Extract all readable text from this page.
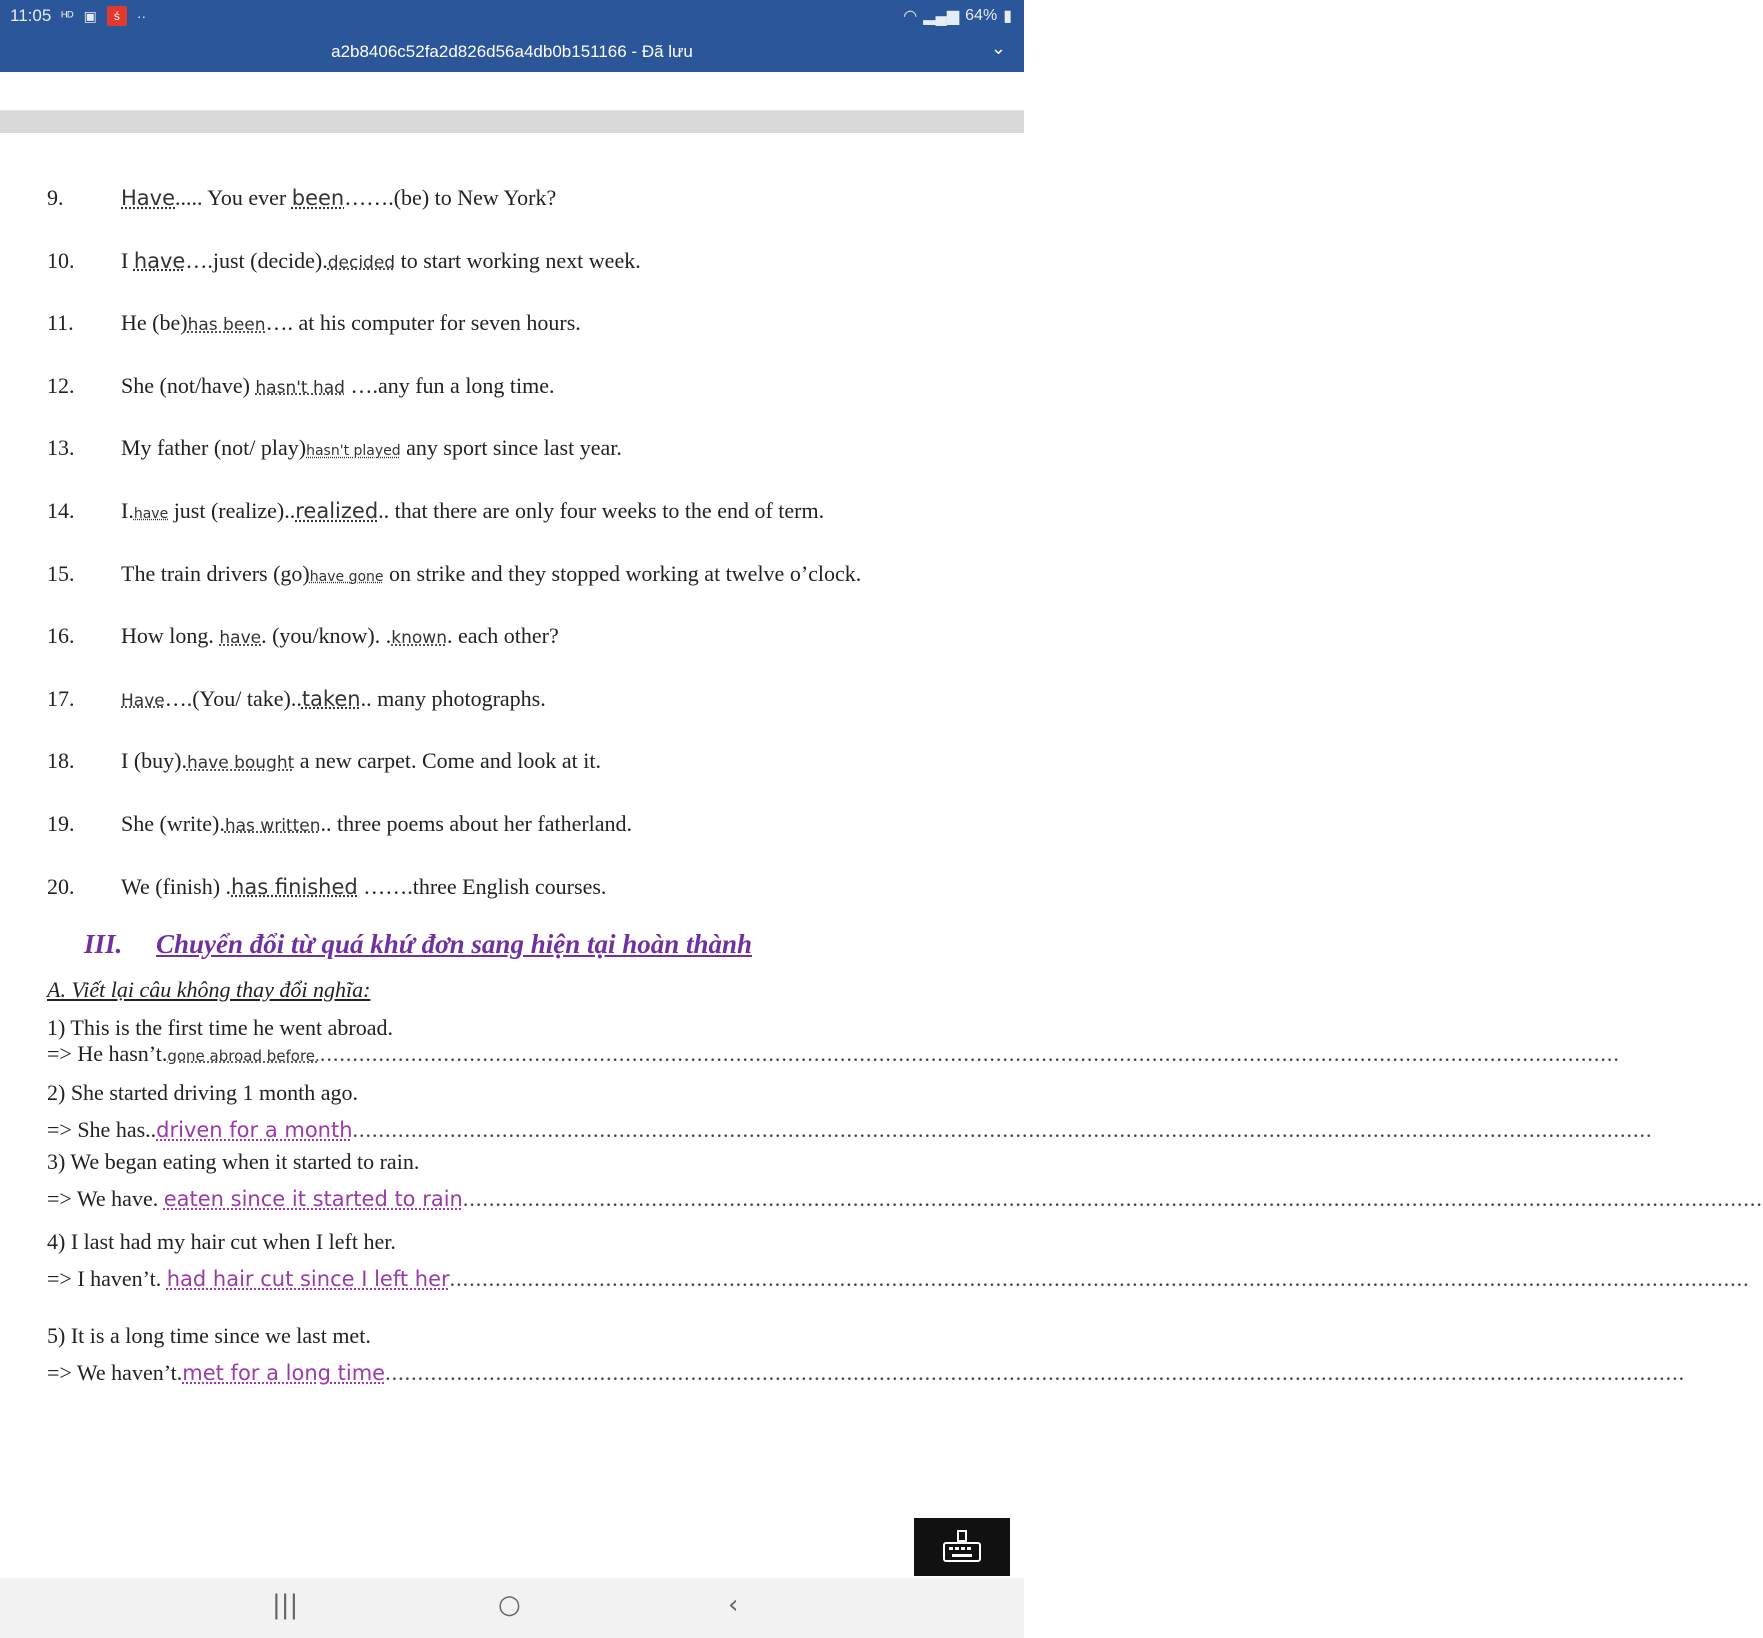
11:05 ᴴᴰ ▣	ś	··	◠ ▂▄▆ 64% ▮
a2b8406c52fa2d826d56a4db0b151166 - Đã lưu	⌄
9.	Have..... You ever been…….(be) to New York?
10. I have….just (decide).decided to start working next week.
11. He (be)has been…. at his computer for seven hours.
12. She (not/have) hasn't had ….any fun a long time.
13. My father (not/ play)hasn't played any sport since last year.
14. I.have just (realize)..realized.. that there are only four weeks to the end of term.
15. The train drivers (go)have gone on strike and they stopped working at twelve o’clock.
16. How long. have. (you/know). .known. each other?
17.	Have….(You/ take)..taken.. many photographs.
18. I (buy).have bought a new carpet. Come and look at it.
19. She (write).has written.. three poems about her fatherland.
20. We (finish) .has finished …….three English courses.
III. Chuyển đổi từ quá khứ đơn sang hiện tại hoàn thành
A. Viết lại câu không thay đổi nghĩa:
1) This is the first time he went abroad.
=> He hasn’t.gone abroad before.........................................................................................................................................................................................................
2) She started driving 1 month ago.
=> She has..driven for a month........................................................................................................................................................................................................
3) We began eating when it started to rain.
=> We have. eaten since it started to rain........................................................................................................................................................................................................
4) I last had my hair cut when I left her.
=> I haven’t. had hair cut since I left her........................................................................................................................................................................................................
5) It is a long time since we last met.
=> We haven’t.met for a long time........................................................................................................................................................................................................
|||	○	‹
